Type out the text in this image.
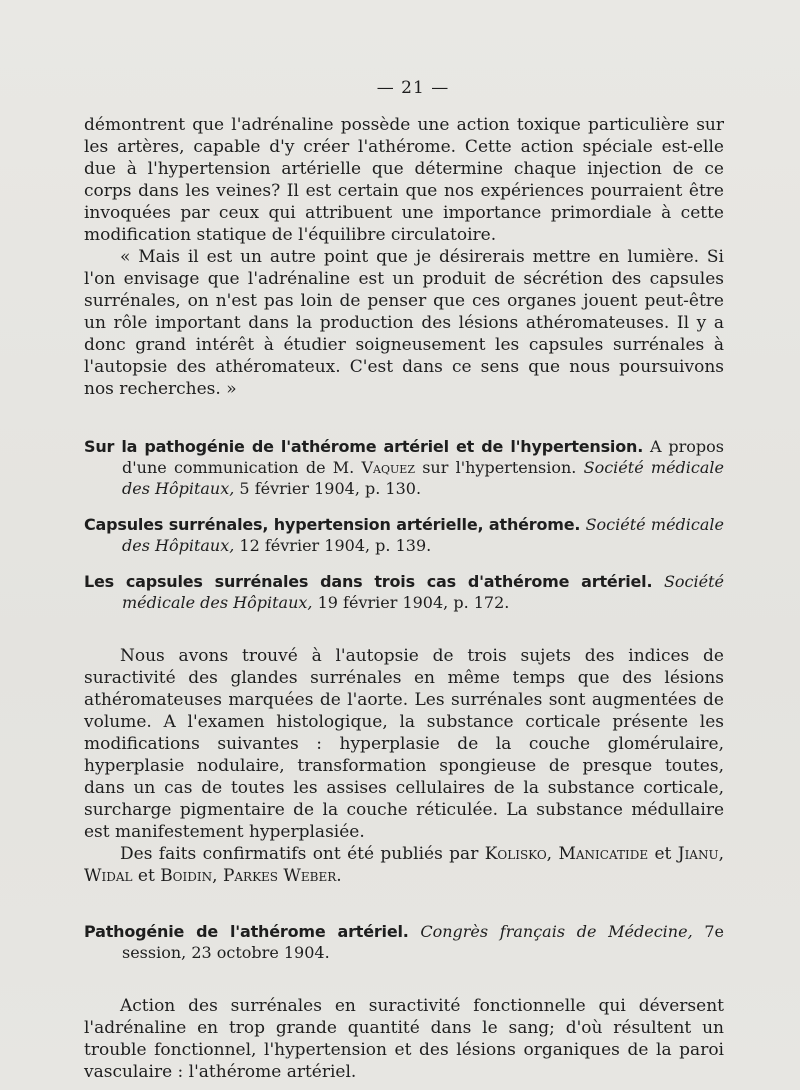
— 21 —

démontrent que l'adrénaline possède une action toxique particulière sur les artères, capable d'y créer l'athérome. Cette action spéciale est-elle due à l'hypertension artérielle que détermine chaque injection de ce corps dans les veines? Il est certain que nos expériences pourraient être invoquées par ceux qui attribuent une importance primordiale à cette modification statique de l'équilibre circulatoire.

« Mais il est un autre point que je désirerais mettre en lumière. Si l'on envisage que l'adrénaline est un produit de sécrétion des capsules surrénales, on n'est pas loin de penser que ces organes jouent peut-être un rôle important dans la production des lésions athéromateuses. Il y a donc grand intérêt à étudier soigneusement les capsules surrénales à l'autopsie des athéromateux. C'est dans ce sens que nous poursuivons nos recherches. »

Sur la pathogénie de l'athérome artériel et de l'hypertension. A propos d'une communication de M. Vaquez sur l'hypertension. Société médicale des Hôpitaux, 5 février 1904, p. 130.

Capsules surrénales, hypertension artérielle, athérome. Société médicale des Hôpitaux, 12 février 1904, p. 139.

Les capsules surrénales dans trois cas d'athérome artériel. Société médicale des Hôpitaux, 19 février 1904, p. 172.

Nous avons trouvé à l'autopsie de trois sujets des indices de suractivité des glandes surrénales en même temps que des lésions athéromateuses marquées de l'aorte. Les surrénales sont augmentées de volume. A l'examen histologique, la substance corticale présente les modifications suivantes : hyperplasie de la couche glomérulaire, hyperplasie nodulaire, transformation spongieuse de presque toutes, dans un cas de toutes les assises cellulaires de la substance corticale, surcharge pigmentaire de la couche réticulée. La substance médullaire est manifestement hyperplasiée.

Des faits confirmatifs ont été publiés par Kolisko, Manicatide et Jianu, Widal et Boidin, Parkes Weber.

Pathogénie de l'athérome artériel. Congrès français de Médecine, 7e session, 23 octobre 1904.

Action des surrénales en suractivité fonctionnelle qui déversent l'adrénaline en trop grande quantité dans le sang; d'où résultent un trouble fonctionnel, l'hypertension et des lésions organiques de la paroi vasculaire : l'athérome artériel.
